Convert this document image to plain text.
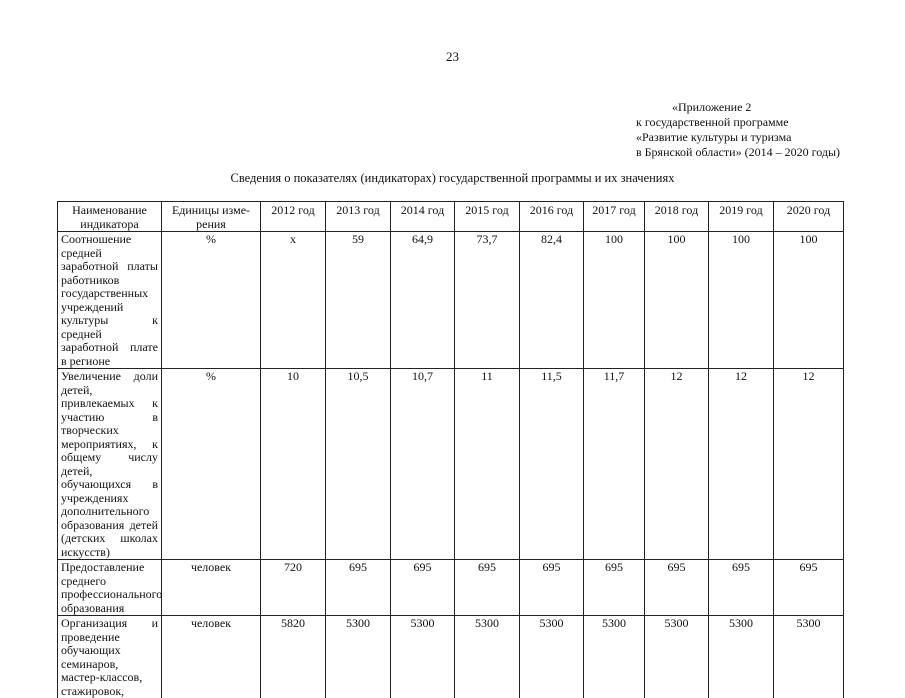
23
«Приложение 2
к государственной программе
«Развитие культуры и туризма
в Брянской области» (2014 – 2020 годы)
Сведения о показателях (индикаторах) государственной программы и их значениях
Наименование индикатора	Единицы изме-рения	2012 год	2013 год	2014 год	2015 год	2016 год	2017 год	2018 год	2019 год	2020 год
Соотношение средней заработной платы работников государственных учреждений культуры к средней заработной плате в регионе	%	х	59	64,9	73,7	82,4	100	100	100	100
Увеличение доли детей, привлекаемых к участию в творческих мероприятиях, к общему числу детей, обучающихся в учреждениях дополнительного образования детей (детских школах искусств)	%	10	10,5	10,7	11	11,5	11,7	12	12	12
Предоставление среднего профессионального образования	человек	720	695	695	695	695	695	695	695	695
Организация и проведение обучающих семинаров, мастер-классов, стажировок,	человек	5820	5300	5300	5300	5300	5300	5300	5300	5300
